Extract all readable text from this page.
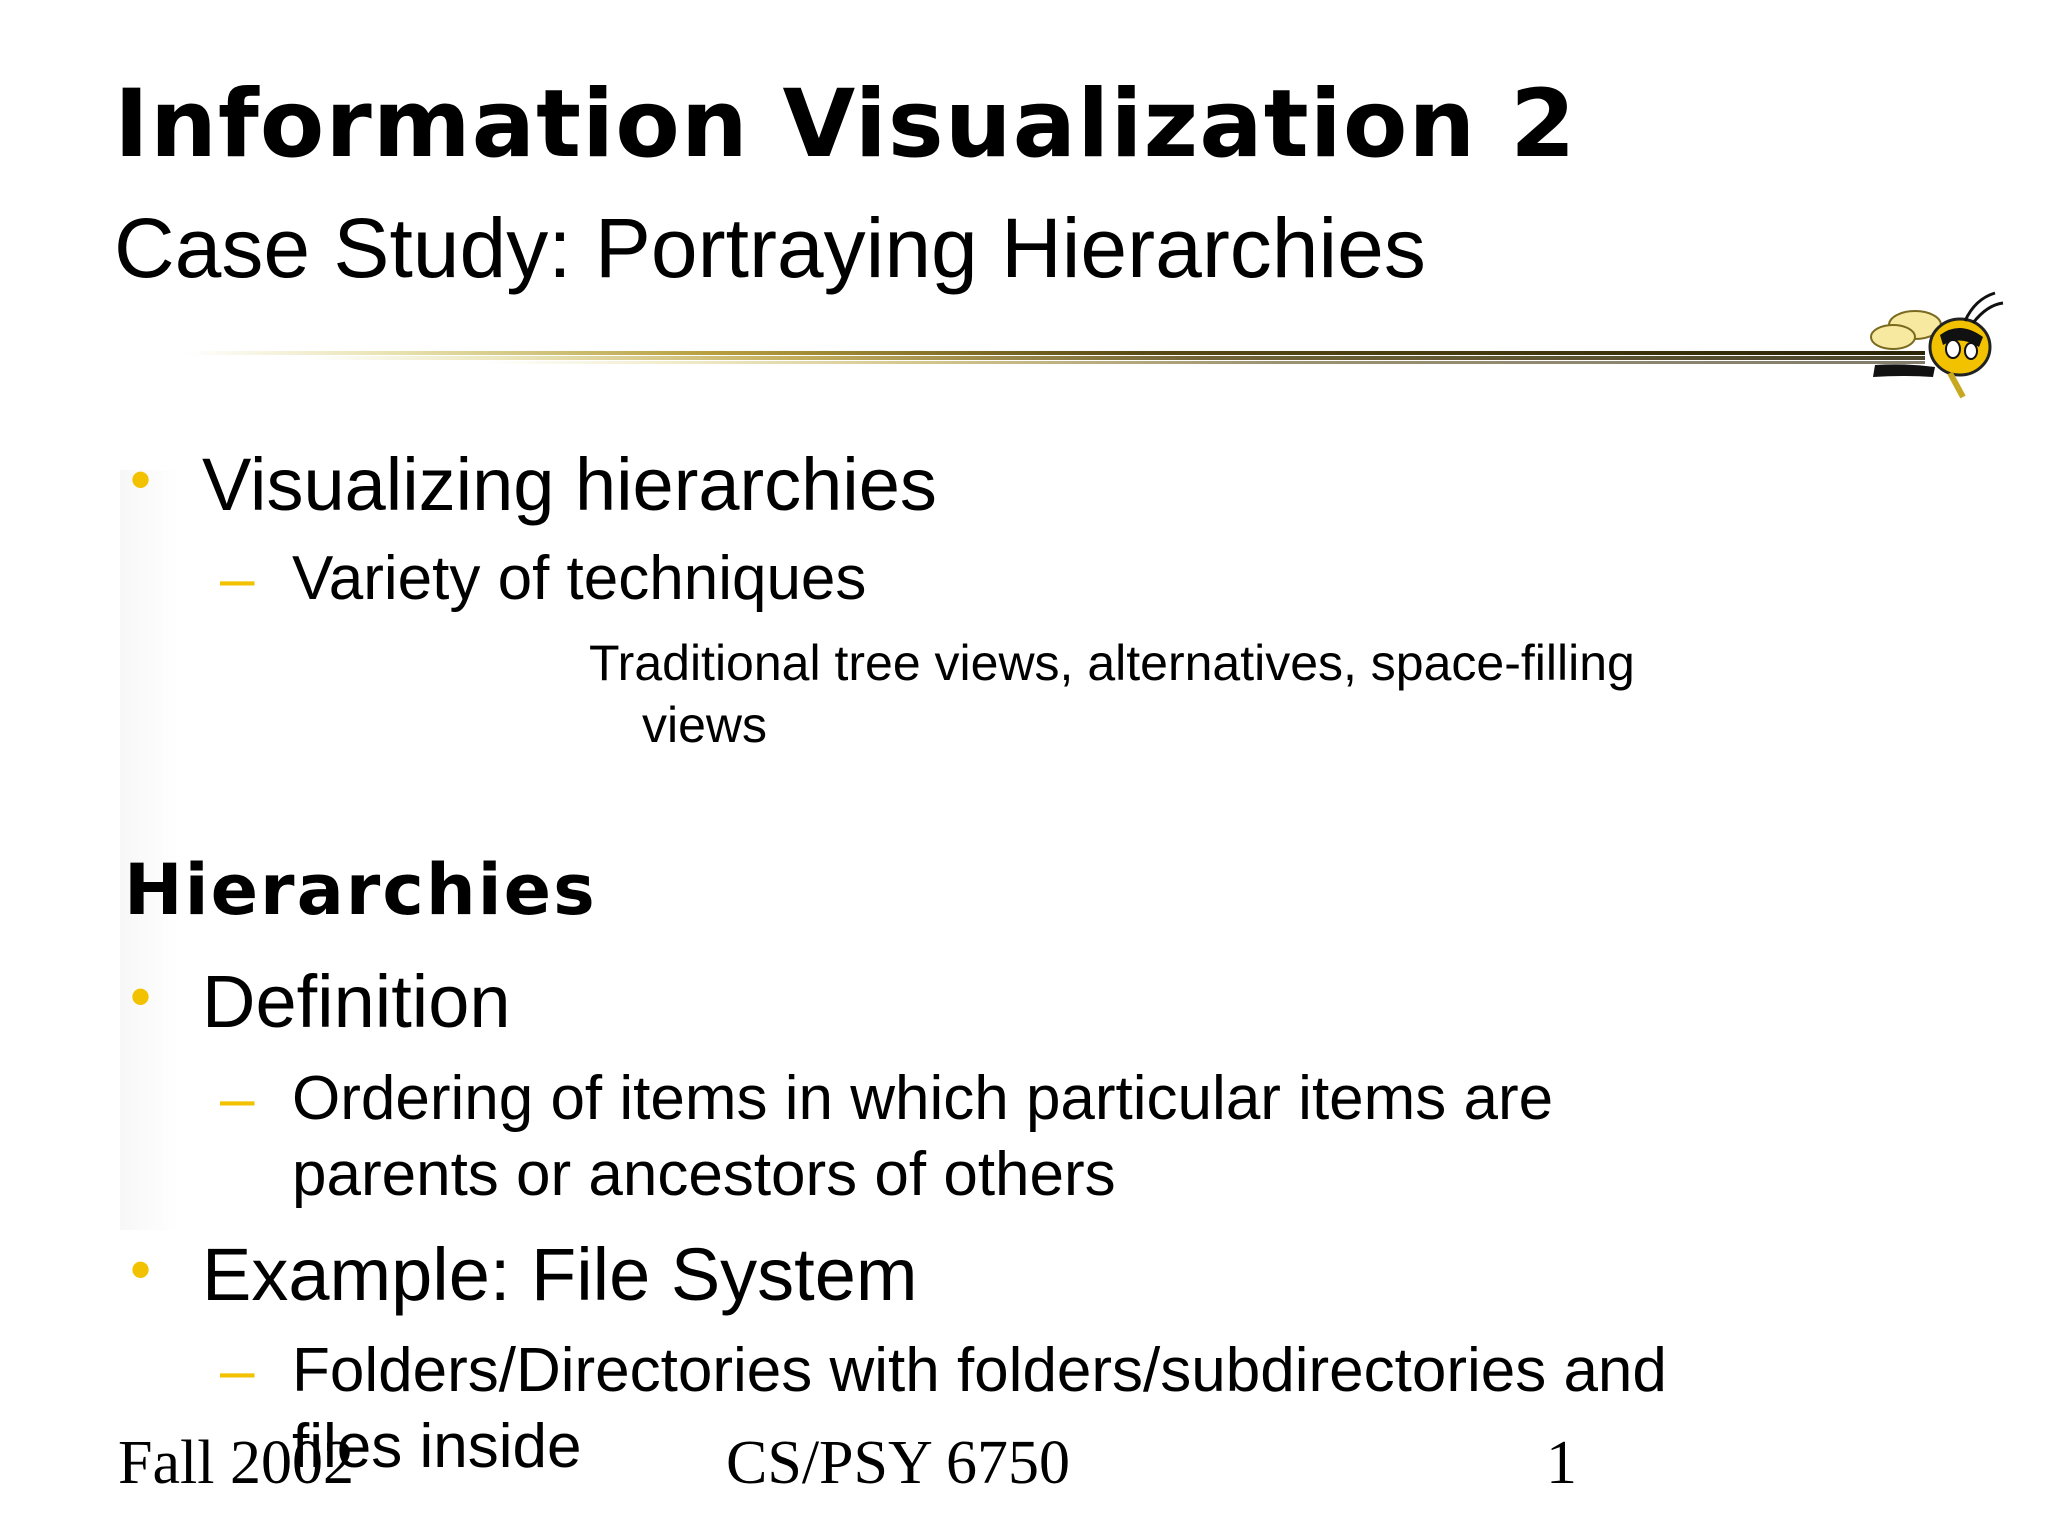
Information Visualization 2
Case Study: Portraying Hierarchies
• Visualizing hierarchies
– Variety of techniques
Traditional tree views, alternatives, space-filling
views
Hierarchies
• Definition
– Ordering of items in which particular items are
parents or ancestors of others
• Example: File System
– Folders/Directories with folders/subdirectories and
files inside
Fall 2002	CS/PSY 6750	1
